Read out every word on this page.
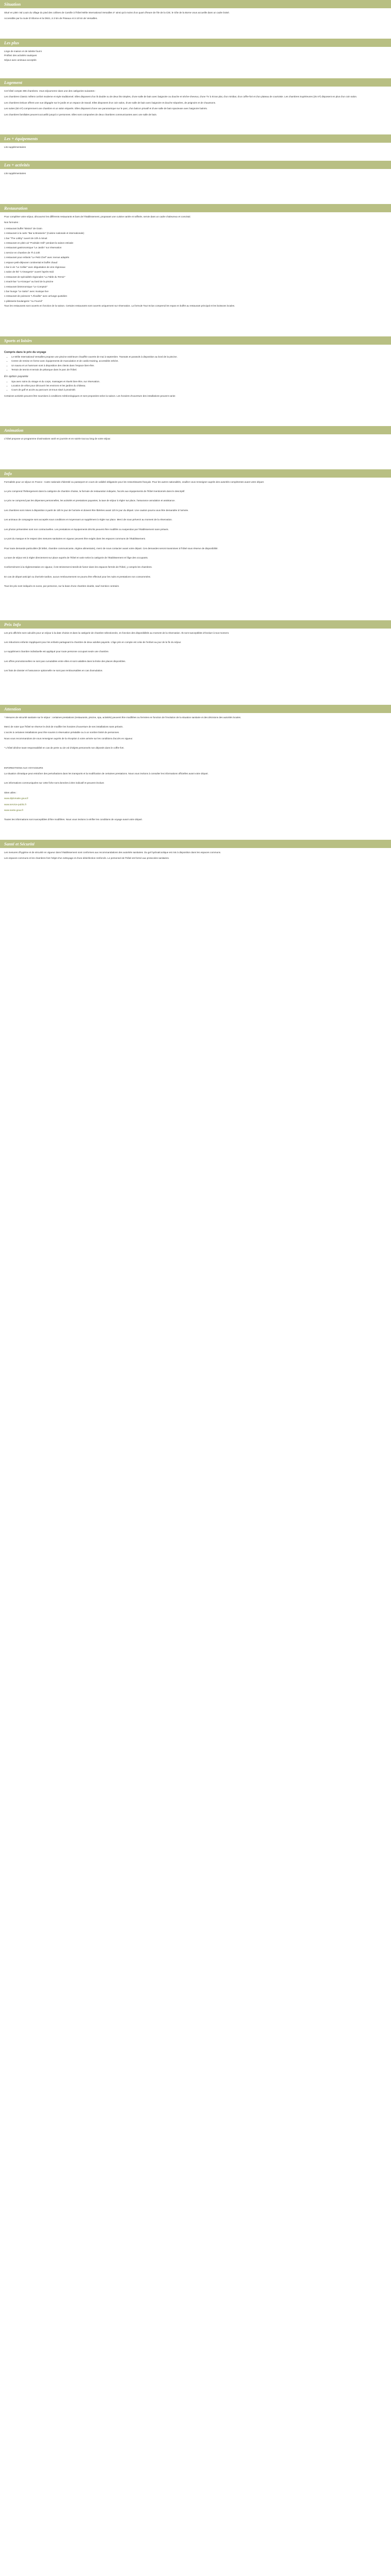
Situation

Situé en plein Val Louis du village du pied des collines de Carville à l'hôtel Mélie International Versailles 4* ainsi qu'à moins d'un quart d'heure de l'ile de la Cité, le Gîte de la Borne vous accueille dans un cadre boisé.

Accessible par la route D'Allonne et la D921, à 3 km de Piseaux et à 10 km de Versailles.

Les plus

Linge de maison et de toilette fourni

Profitez des activités nautiques

Séjour avec animaux acceptés

Logement

Cet hôtel compte 396 chambres. Vous séjournerez dans une des catégories suivantes :

Les chambres Classic mêlent confort moderne et style traditionnel. Elles disposent d'un lit double ou de deux lits simples, d'une salle de bain avec baignoire ou douche et sèche-cheveux, d'une TV à écran plat, d'un minibar, d'un coffre-fort et d'un plateau de courtoisie. Les chambres Supérieures (25 m²) disposent en plus d'un coin salon.

Les chambres Deluxe offrent une vue dégagée sur le jardin et un espace de travail. Elles disposent d'un coin salon, d'une salle de bain avec baignoire et douche séparées, de peignoirs et de chaussons.

Les suites (50 m²) comprennent une chambre et un salon séparés. Elles disposent d'une vue panoramique sur le parc, d'un balcon privatif et d'une salle de bain spacieuse avec baignoire balnéo.

Les chambres familiales peuvent accueillir jusqu'à 4 personnes. Elles sont composées de deux chambres communicantes avec une salle de bain.

Les + équipements

Lits supplémentaires

Les + activités

Lits supplémentaires

Restauration

Pour compléter votre séjour, découvrez les différents restaurants et bars de l'établissement, proposant une cuisine variée et raffinée, servie dans un cadre chaleureux et convivial.

Nos formules :

1 restaurant buffet "Bistrot" de Grain

1 restaurant à la carte "Bar & Brasserie" (Cuisine nationale et internationale)

1 bar "The Lobby" ouvert de 10h à minuit

1 restaurant en plein air "Poolside Grill" pendant la saison estivale

1 restaurant gastronomique "Le Jardin" sur réservation

1 service en chambre de 7h à 23h

1 restaurant pour enfants "Le Petit Chef" avec menus adaptés

1 espace petit-déjeuner continental et buffet chaud

1 bar à vin "Le Cellier" avec dégustation de vins régionaux

1 salon de thé "L'Orangerie" ouvert l'après-midi

1 restaurant de spécialités régionales "La Table du Terroir"

1 snack-bar "Le Kiosque" au bord de la piscine

1 restaurant bistronomique "Le Comptoir"

1 bar lounge "Le Salon" avec musique live

1 restaurant de poissons "L'Écailler" avec arrivage quotidien

1 pâtisserie-boulangerie "Au Fournil"

Tous les restaurants sont ouverts en fonction de la saison. Certains restaurants sont ouverts uniquement sur réservation. La formule Tout Inclus comprend les repas en buffet au restaurant principal et les boissons locales.

Sports et loisirs
Compris dans le prix du voyage
• Le Mélie International Versailles propose une piscine extérieure chauffée ouverte de mai à septembre. Transats et parasols à disposition au bord de la piscine.
• Centre de remise en forme avec équipements de musculation et de cardio-training, accessible 24h/24.
• Un sauna et un hammam sont à disposition des clients dans l'espace bien-être.
• Terrain de tennis et terrain de pétanque dans le parc de l'hôtel.
En option payante
• Spa avec soins du visage et du corps, massages et rituels bien-être, sur réservation.
• Location de vélos pour découvrir les environs et les jardins du château.
• Cours de golf et accès au parcours 18 trous situé à proximité.

Certaines activités peuvent être soumises à conditions météorologiques et sont proposées selon la saison. Les horaires d'ouverture des installations peuvent varier.

Animation

L'hôtel propose un programme d'animations varié en journée et en soirée tout au long de votre séjour.

Info

Formalités pour un séjour en France : Carte nationale d'identité ou passeport en cours de validité obligatoire pour les ressortissants français. Pour les autres nationalités, veuillez vous renseigner auprès des autorités compétentes avant votre départ.

Le prix comprend l'hébergement dans la catégorie de chambre choisie, la formule de restauration indiquée, l'accès aux équipements de l'hôtel mentionnés dans le descriptif.

Le prix ne comprend pas les dépenses personnelles, les activités et prestations payantes, la taxe de séjour à régler sur place, l'assurance annulation et assistance.

Les chambres sont mises à disposition à partir de 15h le jour de l'arrivée et doivent être libérées avant 11h le jour du départ. Une caution pourra vous être demandée à l'arrivée.

Les animaux de compagnie sont acceptés sous conditions et moyennant un supplément à régler sur place. Merci de nous prévenir au moment de la réservation.

Les photos présentées sont non contractuelles. Les prestations et équipements décrits peuvent être modifiés ou suspendus par l'établissement sans préavis.

Le port du masque et le respect des mesures sanitaires en vigueur peuvent être exigés dans les espaces communs de l'établissement.

Pour toute demande particulière (lit bébé, chambre communicante, régime alimentaire), merci de nous contacter avant votre départ. Ces demandes seront transmises à l'hôtel sous réserve de disponibilité.

La taxe de séjour est à régler directement sur place auprès de l'hôtel et varie selon la catégorie de l'établissement et l'âge des occupants.

Conformément à la réglementation en vigueur, il est strictement interdit de fumer dans les espaces fermés de l'hôtel, y compris les chambres.

En cas de départ anticipé ou d'arrivée tardive, aucun remboursement ne pourra être effectué pour les nuits et prestations non consommées.

Tous les prix sont indiqués en euros, par personne, sur la base d'une chambre double, sauf mention contraire.

Prix Info

Les prix affichés sont calculés pour un séjour à la date choisie et dans la catégorie de chambre sélectionnée, en fonction des disponibilités au moment de la réservation. Ils sont susceptibles d'évoluer à tout moment.

Les réductions enfants s'appliquent pour les enfants partageant la chambre de deux adultes payants. L'âge pris en compte est celui de l'enfant au jour de la fin du séjour.

Le supplément chambre individuelle est appliqué pour toute personne occupant seule une chambre.

Les offres promotionnelles ne sont pas cumulables entre elles et sont valables dans la limite des places disponibles.

Les frais de dossier et l'assurance optionnelle ne sont pas remboursables en cas d'annulation.

Attention

* Mesures de sécurité sanitaire sur le séjour : certaines prestations (restaurants, piscine, spa, activités) peuvent être modifiées ou fermées en fonction de l'évolution de la situation sanitaire et des décisions des autorités locales.

Merci de noter que l'hôtel se réserve le droit de modifier les horaires d'ouverture de ses installations sans préavis.

L'accès à certaines installations peut être soumis à réservation préalable ou à un nombre limité de personnes.

Nous vous recommandons de vous renseigner auprès de la réception à votre arrivée sur les conditions d'accès en vigueur.

* L'hôtel décline toute responsabilité en cas de perte ou de vol d'objets personnels non déposés dans le coffre-fort.

INFORMATIONS AUX VOYAGEURS

La situation climatique peut entraîner des perturbations dans les transports et la modification de certaines prestations. Nous vous invitons à consulter les informations officielles avant votre départ.

Les informations communiquées sur cette fiche sont données à titre indicatif et peuvent évoluer.

Sites utiles :

www.diplomatie.gouv.fr

www.service-public.fr

www.sante.gouv.fr

Toutes les informations sont susceptibles d'être modifiées. Nous vous invitons à vérifier les conditions de voyage avant votre départ.

Santé et Sécurité

Les mesures d'hygiène et de sécurité en vigueur dans l'établissement sont conformes aux recommandations des autorités sanitaires. Du gel hydroalcoolique est mis à disposition dans les espaces communs.

Les espaces communs et les chambres font l'objet d'un nettoyage et d'une désinfection renforcés. Le personnel de l'hôtel est formé aux protocoles sanitaires.
